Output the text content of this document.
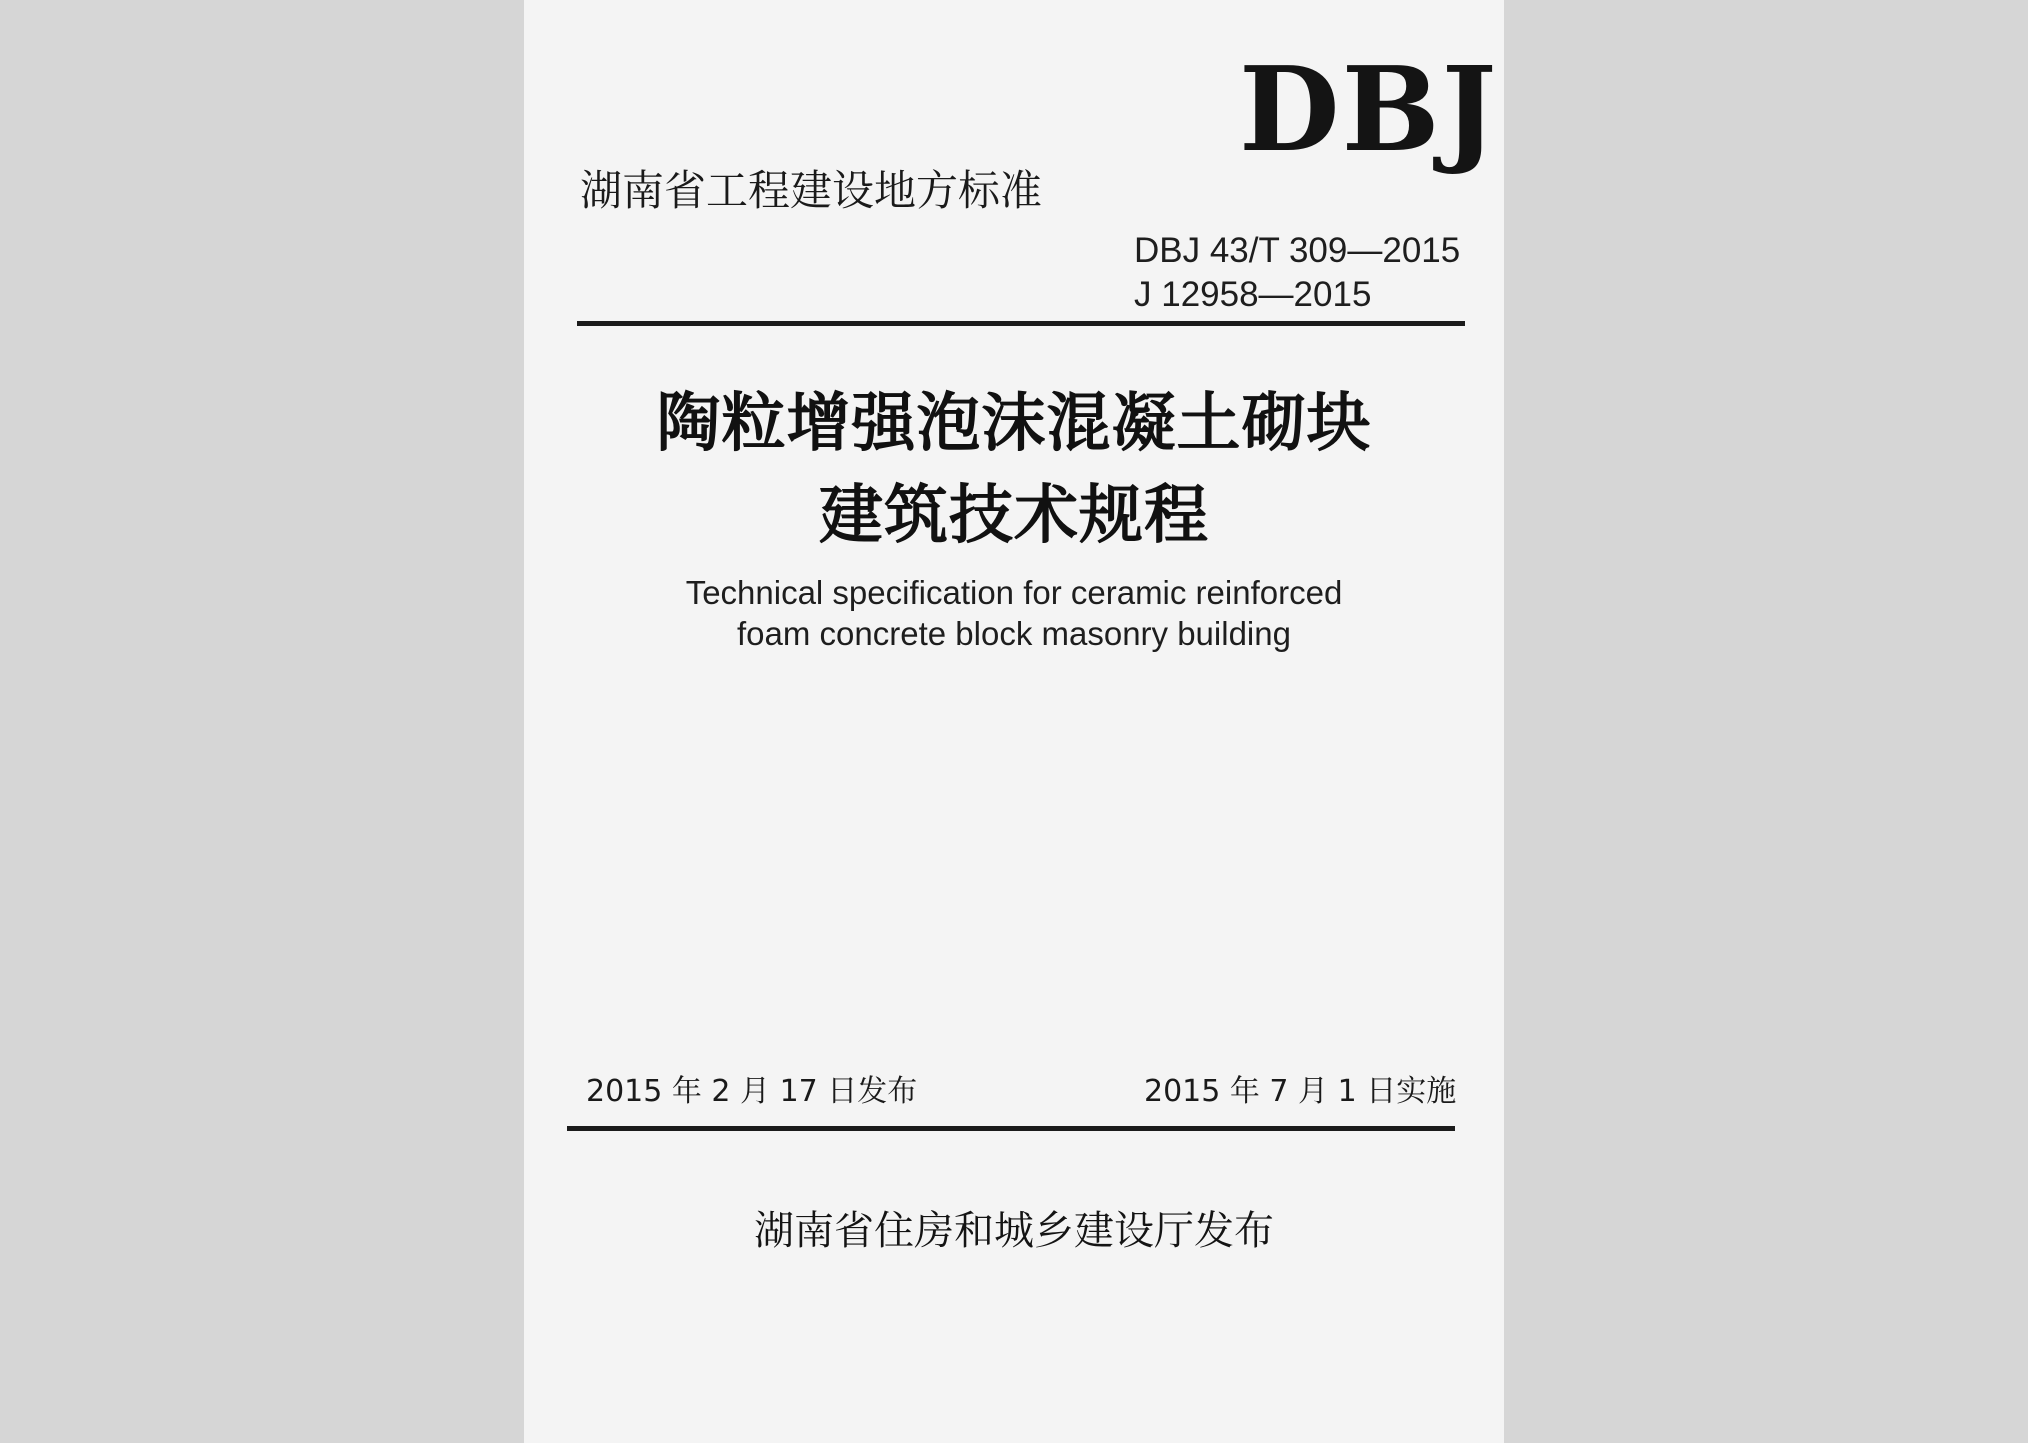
DBJ
湖南省工程建设地方标准
DBJ 43/T 309—2015
J 12958—2015
陶粒增强泡沫混凝土砌块
建筑技术规程
Technical specification for ceramic reinforced
foam concrete block masonry building
2015 年 2 月 17 日发布	2015 年 7 月 1 日实施
湖南省住房和城乡建设厅发布
